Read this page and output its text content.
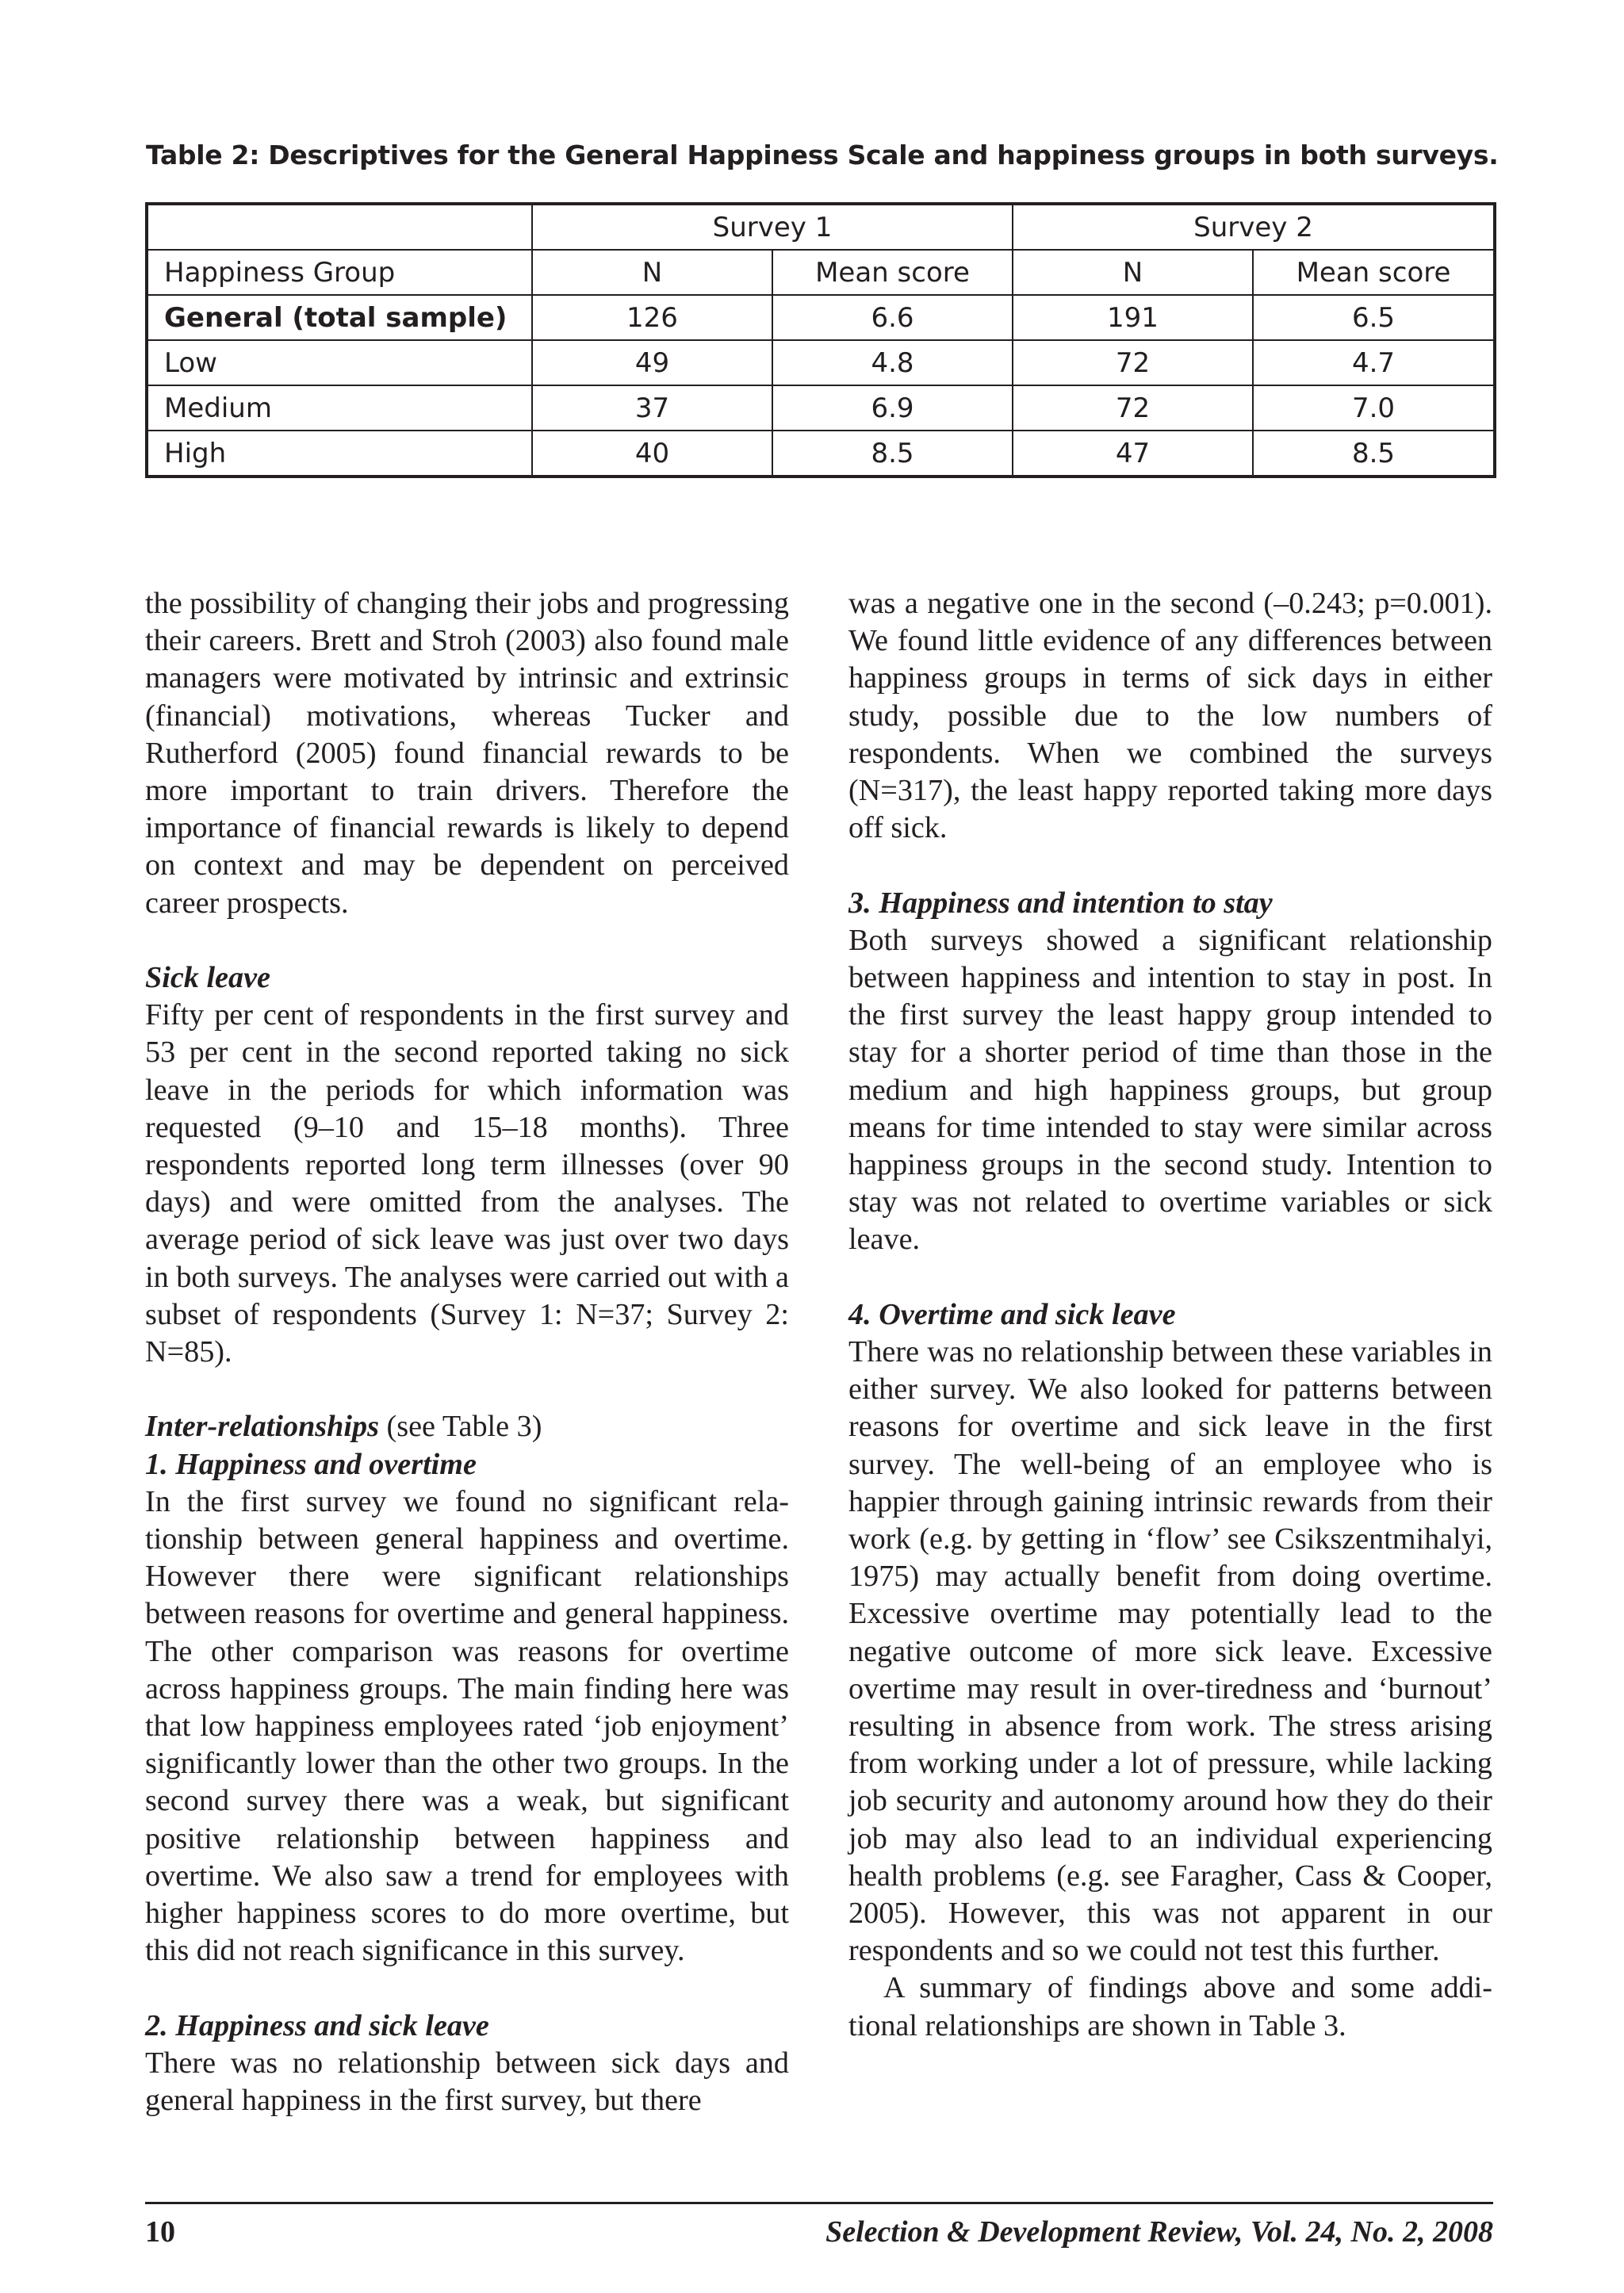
Table 2: Descriptives for the General Happiness Scale and happiness groups in both surveys.
	Survey 1		Survey 2	
Happiness Group	N	Mean score	N	Mean score
General (total sample)	126	6.6	191	6.5
Low	49	4.8	72	4.7
Medium	37	6.9	72	7.0
High	40	8.5	47	8.5

the possibility of changing their jobs and progressing their careers. Brett and Stroh (2003) also found male managers were motivated by intrinsic and extrinsic (financial) motivations, whereas Tucker and Rutherford (2005) found financial rewards to be more important to train drivers. Therefore the importance of financial rewards is likely to depend on context and may be dependent on perceived career prospects.

Sick leave

Fifty per cent of respondents in the first survey and 53 per cent in the second reported taking no sick leave in the periods for which information was requested (9–10 and 15–18 months). Three respondents reported long term illnesses (over 90 days) and were omitted from the analyses. The average period of sick leave was just over two days in both surveys. The analyses were carried out with a subset of respondents (Survey 1: N=37; Survey 2: N=85).

Inter-relationships (see Table 3)

1. Happiness and overtime

In the first survey we found no significant relationship between general happiness and overtime. However there were significant relationships between reasons for overtime and general happiness. The other comparison was reasons for overtime across happiness groups. The main finding here was that low happiness employees rated ‘job enjoyment’ significantly lower than the other two groups. In the second survey there was a weak, but significant positive relationship between happiness and overtime. We also saw a trend for employees with higher happiness scores to do more overtime, but this did not reach significance in this survey.

2. Happiness and sick leave

There was no relationship between sick days and general happiness in the first survey, but there

was a negative one in the second (–0.243; p=0.001). We found little evidence of any differences between happiness groups in terms of sick days in either study, possible due to the low numbers of respondents. When we combined the surveys (N=317), the least happy reported taking more days off sick.

3. Happiness and intention to stay

Both surveys showed a significant relationship between happiness and intention to stay in post. In the first survey the least happy group intended to stay for a shorter period of time than those in the medium and high happiness groups, but group means for time intended to stay were similar across happiness groups in the second study. Intention to stay was not related to overtime variables or sick leave.

4. Overtime and sick leave

There was no relationship between these variables in either survey. We also looked for patterns between reasons for overtime and sick leave in the first survey. The well-being of an employee who is happier through gaining intrinsic rewards from their work (e.g. by getting in ‘flow’ see Csikszentmihalyi, 1975) may actually benefit from doing overtime. Excessive overtime may potentially lead to the negative outcome of more sick leave. Excessive overtime may result in over-tiredness and ‘burnout’ resulting in absence from work. The stress arising from working under a lot of pressure, while lacking job security and autonomy around how they do their job may also lead to an individual experiencing health problems (e.g. see Faragher, Cass & Cooper, 2005). However, this was not apparent in our respondents and so we could not test this further.

A summary of findings above and some additional relationships are shown in Table 3.

10	Selection & Development Review, Vol. 24, No. 2, 2008
